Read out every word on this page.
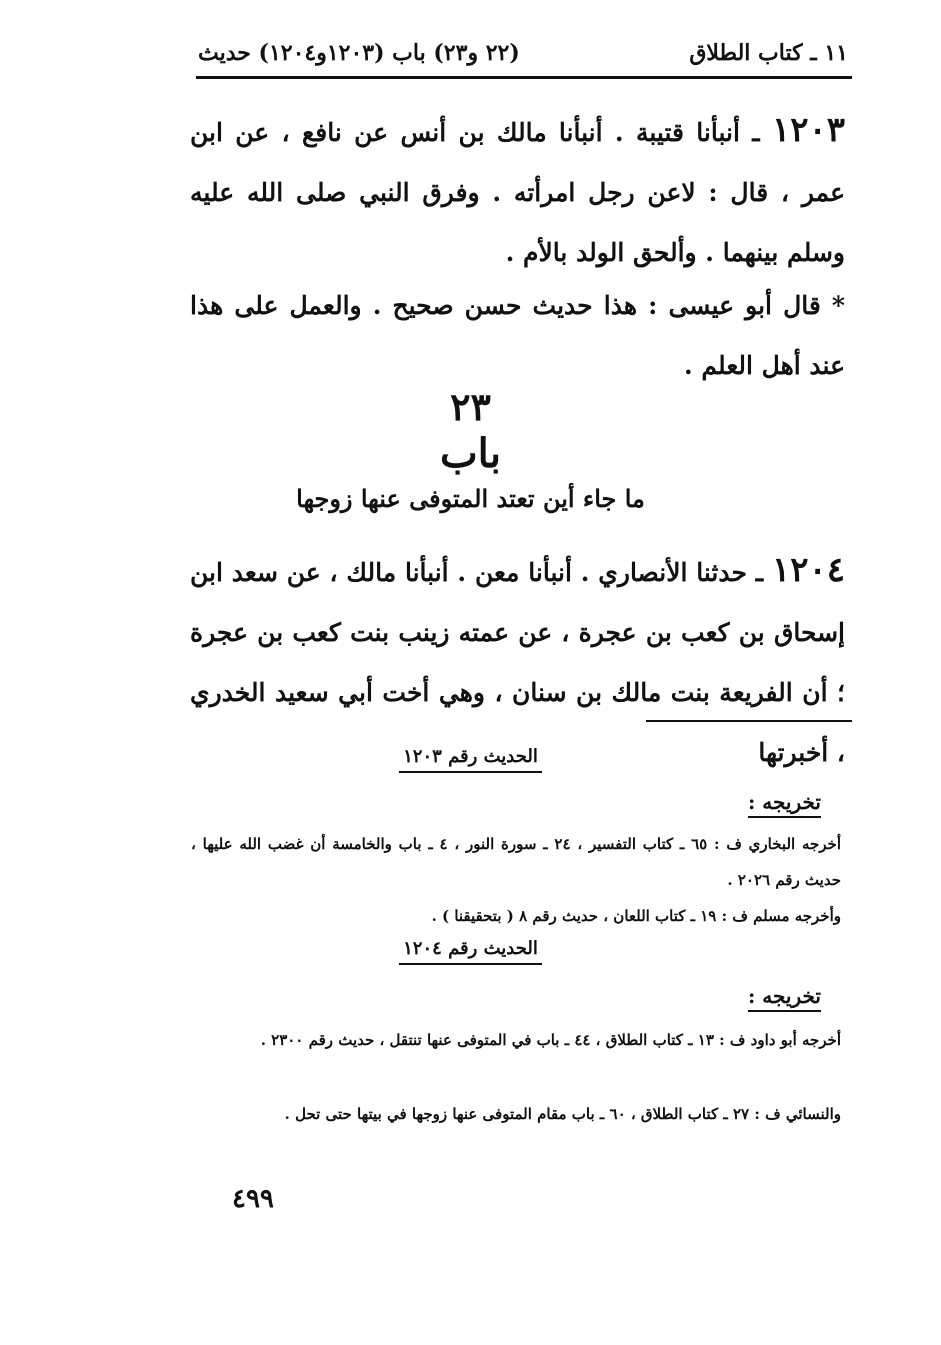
١١ ـ كتاب الطلاق
(٢٢ و٢٣) باب (١٢٠٣و١٢٠٤) حديث
١٢٠٣ ـ أنبأنا قتيبة . أنبأنا مالك بن أنس عن نافع ، عن ابن عمر ، قال : لاعن رجل امرأته . وفرق النبي صلى الله عليه وسلم بينهما . وألحق الولد بالأم .
* قال أبو عيسى : هذا حديث حسن صحيح . والعمل على هذا عند أهل العلم .
٢٣
باب
ما جاء أين تعتد المتوفى عنها زوجها
١٢٠٤ ـ حدثنا الأنصاري . أنبأنا معن . أنبأنا مالك ، عن سعد ابن إسحاق بن كعب بن عجرة ، عن عمته زينب بنت كعب بن عجرة ؛ أن الفريعة بنت مالك بن سنان ، وهي أخت أبي سعيد الخدري ، أخبرتها
الحديث رقم ١٢٠٣
تخريجه :
أخرجه البخاري ف : ٦٥ ـ كتاب التفسير ، ٢٤ ـ سورة النور ، ٤ ـ باب والخامسة أن غضب الله عليها ، حديث رقم ٢٠٢٦ .
وأخرجه مسلم ف : ١٩ ـ كتاب اللعان ، حديث رقم ٨ ( بتحقيقنا ) .
الحديث رقم ١٢٠٤
تخريجه :
أخرجه أبو داود ف : ١٣ ـ كتاب الطلاق ، ٤٤ ـ باب في المتوفى عنها تنتقل ، حديث رقم ٢٣٠٠ .
والنسائي ف : ٢٧ ـ كتاب الطلاق ، ٦٠ ـ باب مقام المتوفى عنها زوجها في بيتها حتى تحل .
٤٩٩
